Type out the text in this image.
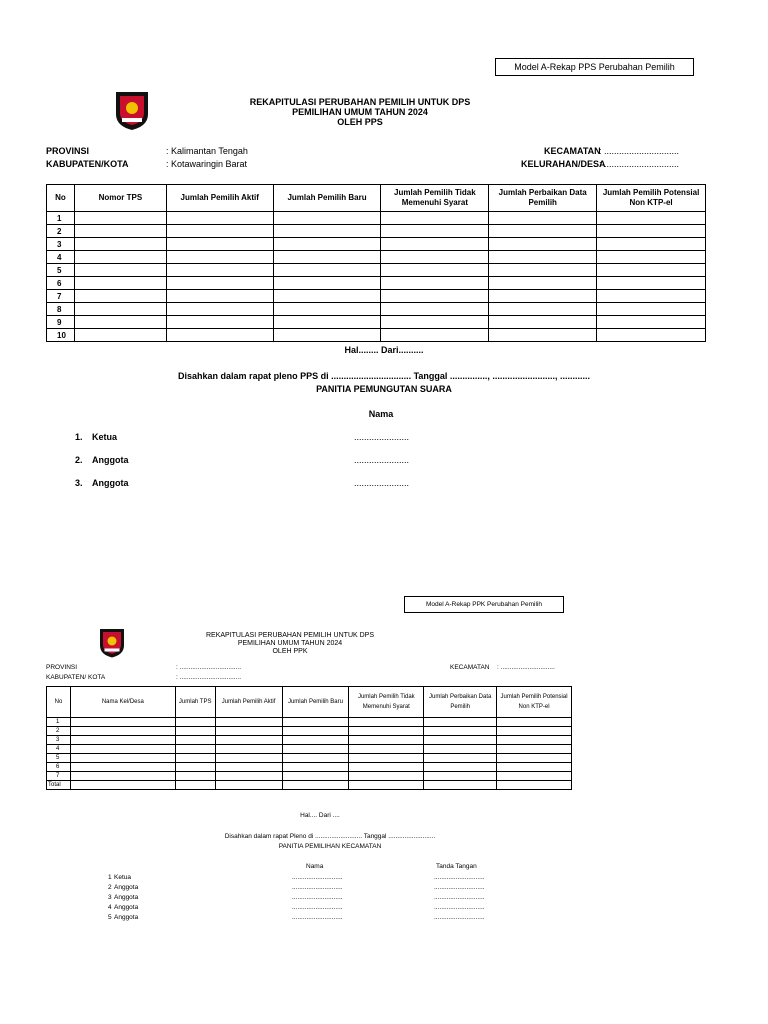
Model A-Rekap PPS Perubahan Pemilih
REKAPITULASI PERUBAHAN PEMILIH UNTUK DPS
PEMILIHAN UMUM TAHUN 2024
OLEH PPS
PROVINSI	: Kalimantan Tengah
KABUPATEN/KOTA	: Kotawaringin Barat
KECAMATAN
: ..............................
KELURAHAN/DESA
: ..............................
No	Nomor TPS	Jumlah Pemilih Aktif	Jumlah Pemilih Baru	Jumlah Pemilih Tidak Memenuhi Syarat	Jumlah Perbaikan Data Pemilih	Jumlah Pemilih Potensial Non KTP-el
1						
2						
3						
4						
5						
6						
7						
8						
9						
10						
Hal........ Dari..........
Disahkan dalam rapat pleno PPS di ................................ Tanggal ..............., ........................., ............
PANITIA PEMUNGUTAN SUARA
Nama
1. Ketua	......................
2. Anggota	......................
3. Anggota	......................
Model A-Rekap PPK Perubahan Pemilih
REKAPITULASI PERUBAHAN PEMILIH UNTUK DPS
PEMILIHAN UMUM TAHUN 2024
OLEH PPK
PROVINSI	: ..................................
KABUPATEN/ KOTA	: ..................................
KECAMATAN : ..............................
No	Nama Kel/Desa	Jumlah TPS	Jumlah Pemilih Aktif	Jumlah Pemilih Baru	Jumlah Pemilih Tidak Memenuhi Syarat	Jumlah Perbaikan Data Pemilih	Jumlah Pemilih Potensial Non KTP-el
1							
2							
3							
4							
5							
6							
7							
Total							
Hal.... Dari ....
Disahkan dalam rapat Pleno di .......................... Tanggal ..........................
PANITIA PEMILIHAN KECAMATAN
Nama	Tanda Tangan
1 Ketua	............................	............................
2 Anggota	............................	............................
3 Anggota	............................	............................
4 Anggota	............................	............................
5 Anggota	............................	............................
